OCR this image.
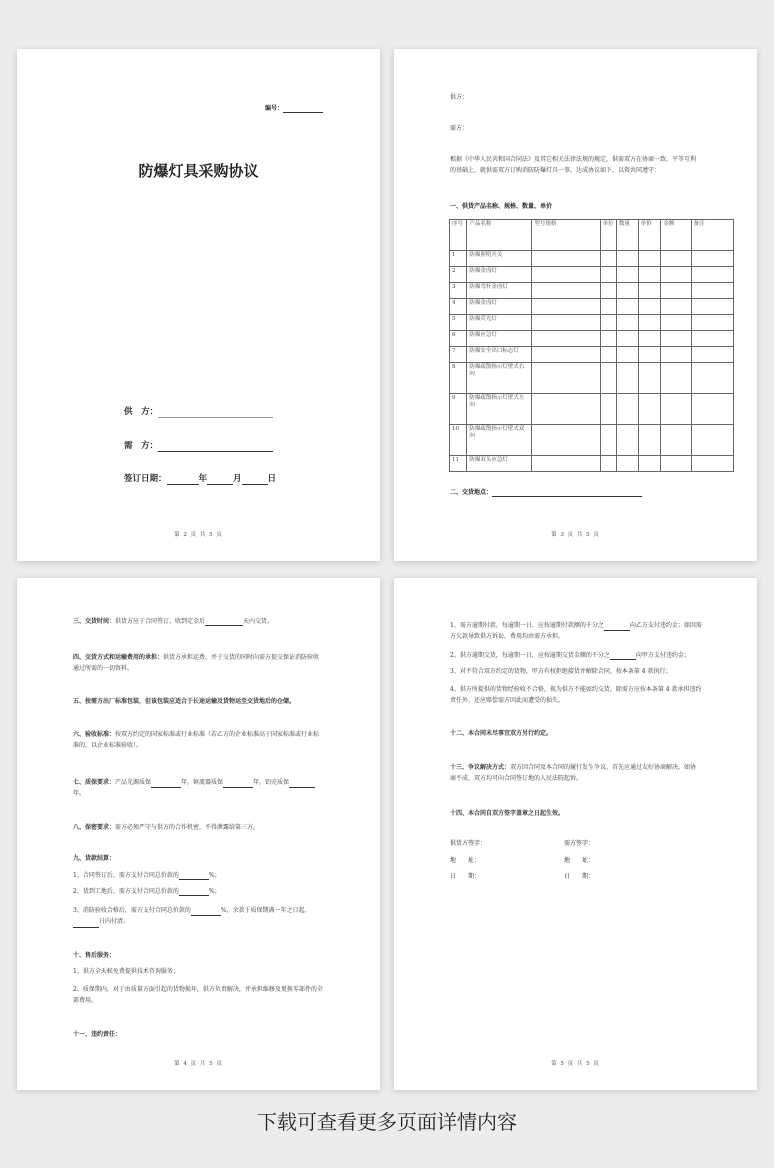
编号：
防爆灯具采购协议
供　方：
需　方：
签订日期：	年	月	日
第 2 页 共 5 页
供方：
需方：
根据《中华人民共和国合同法》及其它相关法律法规的规定，供需双方在协商一致、平等互利的基础上，就供需双方订购消防防爆灯具一事，达成协议如下，以资共同遵守：
一、供货产品名称、规格、数量、单价
序号	产品名称	型号规格	单位	数量	单价	金额	备注
1	防爆照明开关						
2	防爆金卤灯						
3	防爆弯杆金卤灯						
4	防爆金卤灯						
5	防爆荧光灯						
6	防爆应急灯						
7	防爆安全出口标志灯						
8	防爆疏散指示灯壁式右向						
9	防爆疏散指示灯壁式左向						
10	防爆疏散指示灯壁式双向						
11	防爆双头应急灯						
二、交货地点：
第 3 页 共 5 页
三、交货时间：供货方应于合同签订、收到定金后	天内交货。
四、交货方式和运输费用的承担：供货方承担运费，并于交货的同时向需方提交保证消防验收通过所需的一切资料。
五、按需方出厂标准包装，但该包装应适合于长途运输及货物运至交货地后的仓储。
六、验收标准：按双方约定的国家标准或行业标准（若乙方的企业标准高于国家标准或行业标准的，以企业标准验收）。
七、质保要求：产品光源质保	年，镇流器质保	年，铝壳质保
年。
八、保密要求：需方必须严守与供方的合作机密，不得泄露给第三方。
九、货款结算：
1、合同签订后，需方支付合同总价款的	%；
2、货到工地后，需方支付合同总价款的	%；
3、消防验收合格后，需方支付合同总价款的	%，余款于质保期满一年之日起，
日内付清。
十、售后服务：
1、供方全天候免费提供技术咨询服务；
2、质保期内，对于由质量方面引起的货物损坏，供方负责解决，并承担维修及更换零部件的全部费用。
十一、违约责任：
第 4 页 共 5 页
1、需方逾期付款，每逾期一日，应按逾期付款额的千分之	向乙方支付违约金；如因需方欠款导致供方诉讼，费用均由需方承担。
2、供方逾期交货，每逾期一日，应按逾期交货金额的千分之	向甲方支付违约金；
3、对不符合双方约定的货物，甲方有权拒绝接货并解除合同，按本条第 4 款执行；
4、供方所提供的货物经验收不合格，视为供方不能如约交货，除需方应按本条第 4 款承担违约责任外，还应赔偿需方因此而遭受的损失。
十二、本合同未尽事宜双方另行约定。
十三、争议解决方式：双方因合同及本合同的履行发生争议，首先应通过友好协商解决，如协商不成，双方均可向合同签订地的人民法院起诉。
十四、本合同自双方签字盖章之日起生效。
供货方签字：	需方签字：
地　　址：	地　　址：
日　　期：	日　　期：
第 5 页 共 5 页
下载可查看更多页面详情内容
